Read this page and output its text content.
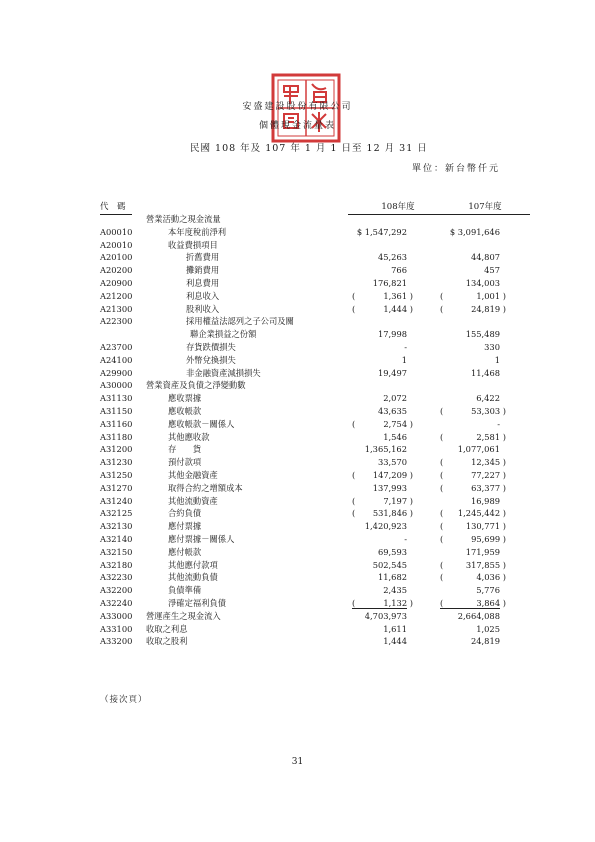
安盛建設股份有限公司
個體現金流量表
民國 108 年及 107 年 1 月 1 日至 12 月 31 日
單位：新台幣仟元
代　碼	108年度	107年度
營業活動之現金流量
A00010	本年度稅前淨利	$ 1,547,292	$ 3,091,646
A20010	收益費損項目
A20100	折舊費用	45,263	44,807
A20200	攤銷費用	766	457
A20900	利息費用	176,821	134,003
A21200	利息收入	(	1,361 )	(	1,001 )
A21300	股利收入	(	1,444 )	(	24,819 )
A22300	採用權益法認列之子公司及關
聯企業損益之份額	17,998	155,489
A23700	存貨跌價損失	-	330
A24100	外幣兌換損失	1	1
A29900	非金融資產減損損失	19,497	11,468
A30000 營業資產及負債之淨變動數
A31130	應收票據	2,072	6,422
A31150	應收帳款	43,635	(	53,303 )
A31160	應收帳款－關係人	(	2,754 )	-
A31180	其他應收款	1,546	(	2,581 )
A31200	存　　貨	1,365,162	1,077,061
A31230	預付款項	33,570	(	12,345 )
A31250	其他金融資產	( 147,209 )	(	77,227 )
A31270	取得合約之增額成本	137,993	(	63,377 )
A31240	其他流動資產	(	7,197 )	16,989
A32125	合約負債	( 531,846 )	( 1,245,442 )
A32130	應付票據	1,420,923	(	130,771 )
A32140	應付票據－關係人	-	(	95,699 )
A32150	應付帳款	69,593	171,959
A32180	其他應付款項	502,545	(	317,855 )
A32230	其他流動負債	11,682	(	4,036 )
A32200	負債準備	2,435	5,776
A32240	淨確定福利負債	(	1,132 )	(	3,864 )
A33000 營運產生之現金流入	4,703,973	2,664,088
A33100 收取之利息	1,611	1,025
A33200 收取之股利	1,444	24,819
（接次頁）
31
